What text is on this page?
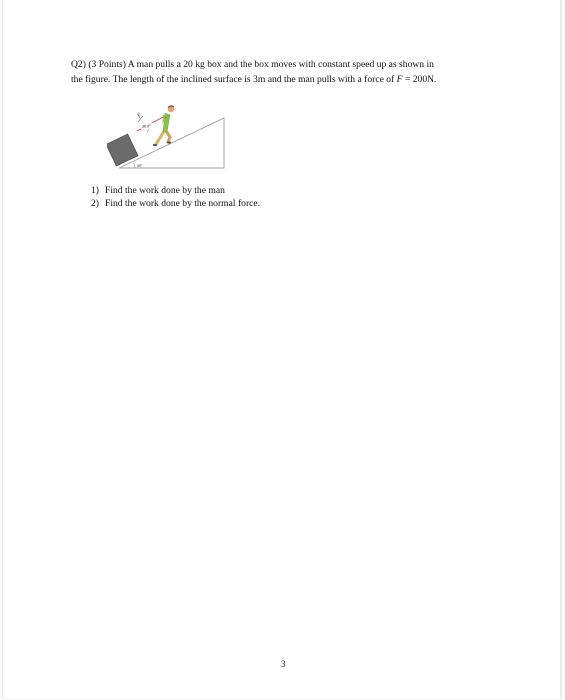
Q2) (3 Points) A man pulls a 20 kg box and the box moves with constant speed up as shown in
the figure. The length of the inclined surface is 3m and the man pulls with a force of F = 200N.

36.9°
F
30°
1) Find the work done by the man
2) Find the work done by the normal force.

3
